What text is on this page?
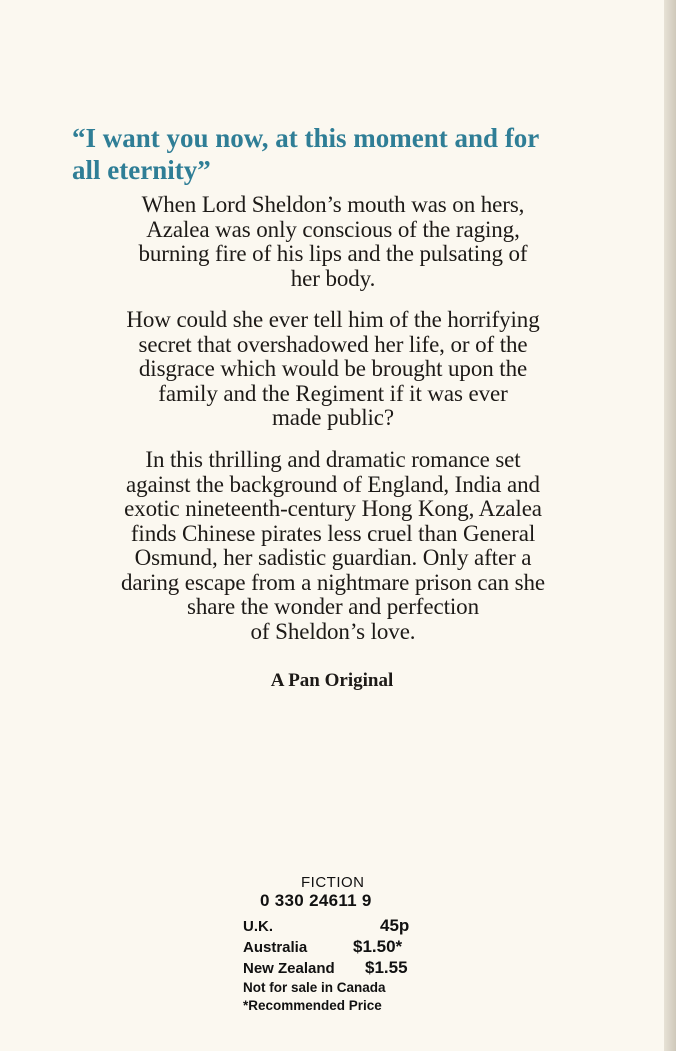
“I want you now, at this moment and for
all eternity”
When Lord Sheldon’s mouth was on hers,
Azalea was only conscious of the raging,
burning fire of his lips and the pulsating of
her body.
How could she ever tell him of the horrifying
secret that overshadowed her life, or of the
disgrace which would be brought upon the
family and the Regiment if it was ever
made public?
In this thrilling and dramatic romance set
against the background of England, India and
exotic nineteenth-century Hong Kong, Azalea
finds Chinese pirates less cruel than General
Osmund, her sadistic guardian. Only after a
daring escape from a nightmare prison can she
share the wonder and perfection
of Sheldon’s love.
A Pan Original
FICTION
0 330 24611 9
U.K.	45p
Australia	$1.50*
New Zealand $1.55
Not for sale in Canada
*Recommended Price
